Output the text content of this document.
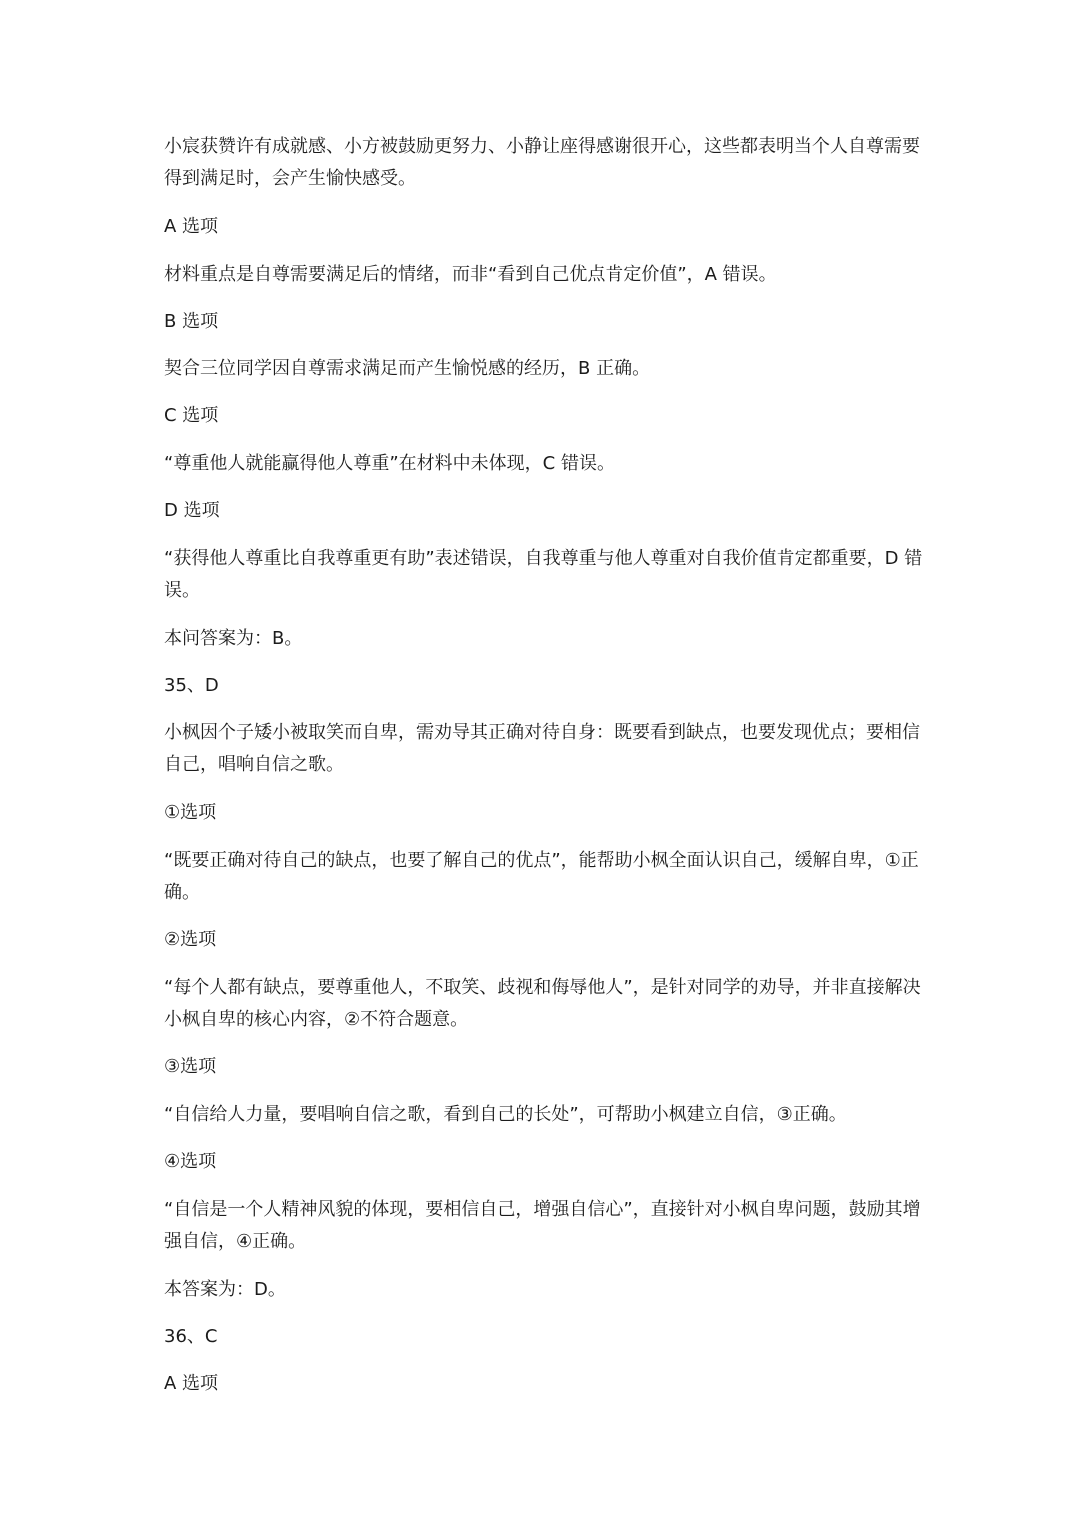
小宸获赞许有成就感、小方被鼓励更努力、小静让座得感谢很开心，这些都表明当个人自尊需要得到满足时，会产生愉快感受。

A 选项

材料重点是自尊需要满足后的情绪，而非“看到自己优点肯定价值”，A 错误。

B 选项

契合三位同学因自尊需求满足而产生愉悦感的经历，B 正确。

C 选项

“尊重他人就能赢得他人尊重”在材料中未体现，C 错误。

D 选项

“获得他人尊重比自我尊重更有助”表述错误，自我尊重与他人尊重对自我价值肯定都重要，D 错误。

本问答案为：B。

35、D

小枫因个子矮小被取笑而自卑，需劝导其正确对待自身：既要看到缺点，也要发现优点；要相信自己，唱响自信之歌。

①选项

“既要正确对待自己的缺点，也要了解自己的优点”，能帮助小枫全面认识自己，缓解自卑，①正确。

②选项

“每个人都有缺点，要尊重他人，不取笑、歧视和侮辱他人”，是针对同学的劝导，并非直接解决小枫自卑的核心内容，②不符合题意。

③选项

“自信给人力量，要唱响自信之歌，看到自己的长处”，可帮助小枫建立自信，③正确。

④选项

“自信是一个人精神风貌的体现，要相信自己，增强自信心”，直接针对小枫自卑问题，鼓励其增强自信，④正确。

本答案为：D。

36、C

A 选项
